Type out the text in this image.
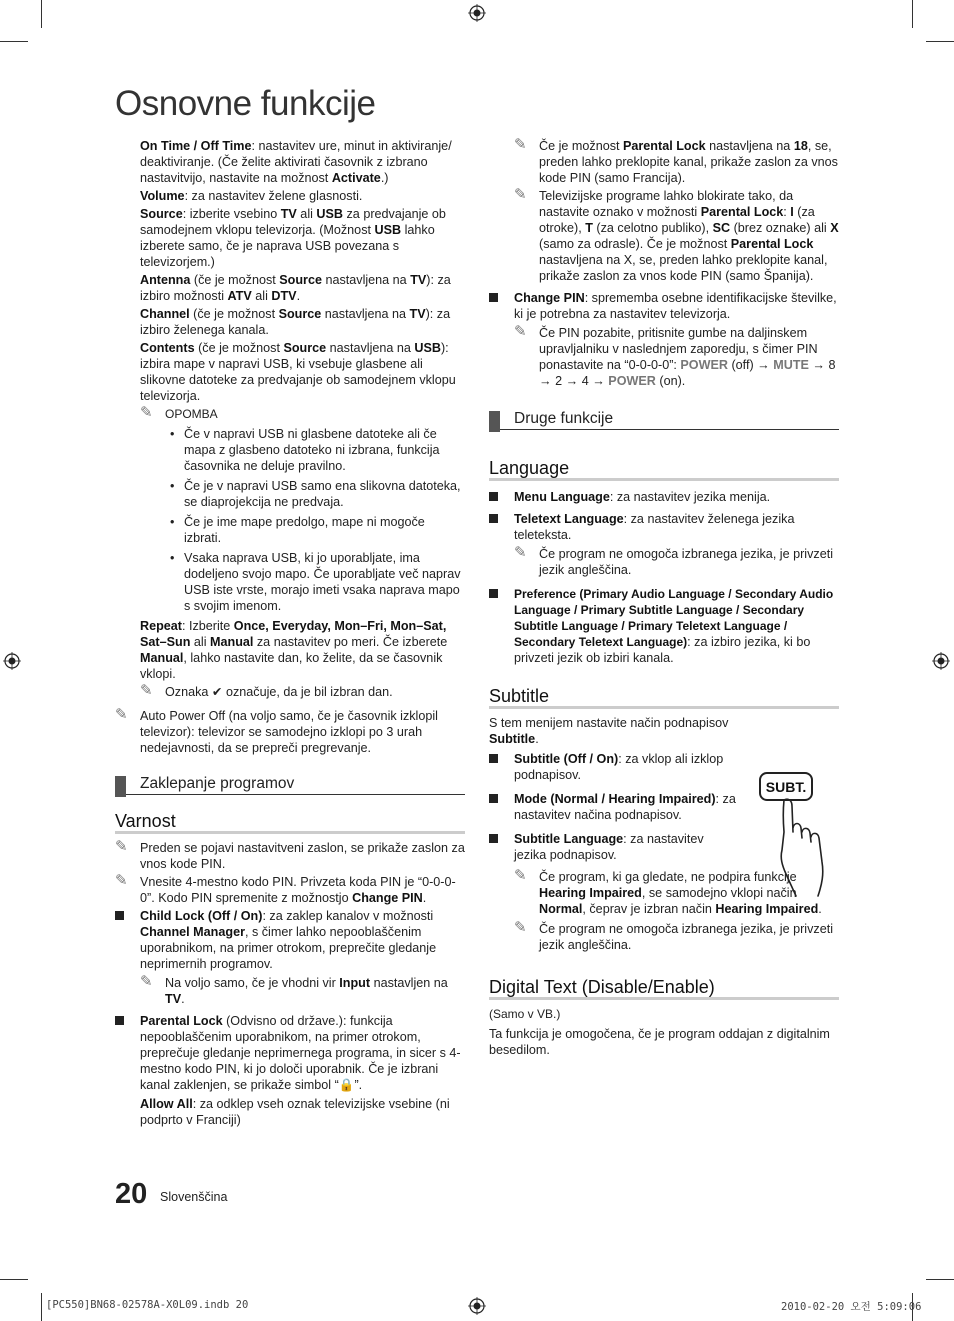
Osnovne funkcije

On Time / Off Time: nastavitev ure, minut in aktiviranje/ deaktiviranje. (Če želite aktivirati časovnik z izbrano nastavitvijo, nastavite na možnost Activate.)

Volume: za nastavitev želene glasnosti.

Source: izberite vsebino TV ali USB za predvajanje ob samodejnem vklopu televizorja. (Možnost USB lahko izberete samo, če je naprava USB povezana s televizorjem.)

Antenna (če je možnost Source nastavljena na TV): za izbiro možnosti ATV ali DTV.

Channel (če je možnost Source nastavljena na TV): za izbiro želenega kanala.

Contents (če je možnost Source nastavljena na USB): izbira mape v napravi USB, ki vsebuje glasbene ali slikovne datoteke za predvajanje ob samodejnem vklopu televizorja.

✎ OPOMBA
• Če v napravi USB ni glasbene datoteke ali če mapa z glasbeno datoteko ni izbrana, funkcija časovnika ne deluje pravilno.
• Če je v napravi USB samo ena slikovna datoteka, se diaprojekcija ne predvaja.
• Če je ime mape predolgo, mape ni mogoče izbrati.
• Vsaka naprava USB, ki jo uporabljate, ima dodeljeno svojo mapo. Če uporabljate več naprav USB iste vrste, morajo imeti vsaka naprava mapo s svojim imenom.

Repeat: Izberite Once, Everyday, Mon–Fri, Mon–Sat, Sat–Sun ali Manual za nastavitev po meri. Če izberete Manual, lahko nastavite dan, ko želite, da se časovnik vklopi.

✎ Oznaka ✔ označuje, da je bil izbran dan.
✎ Auto Power Off (na voljo samo, če je časovnik izklopil televizor): televizor se samodejno izklopi po 3 urah nedejavnosti, da se prepreči pregrevanje.
Zaklepanje programov
Varnost
✎ Preden se pojavi nastavitveni zaslon, se prikaže zaslon za vnos kode PIN.
✎ Vnesite 4-mestno kodo PIN. Privzeta koda PIN je “0-0-0-0”. Kodo PIN spremenite z možnostjo Change PIN.
Child Lock (Off / On): za zaklep kanalov v možnosti Channel Manager, s čimer lahko nepooblaščenim uporabnikom, na primer otrokom, preprečite gledanje neprimernih programov.
✎ Na voljo samo, če je vhodni vir Input nastavljen na TV.
Parental Lock (Odvisno od države.): funkcija nepooblaščenim uporabnikom, na primer otrokom, preprečuje gledanje neprimernega programa, in sicer s 4-mestno kodo PIN, ki jo določi uporabnik. Če je izbrani kanal zaklenjen, se prikaže simbol “🔒”.

Allow All: za odklep vseh oznak televizijske vsebine (ni podprto v Franciji)

✎ Če je možnost Parental Lock nastavljena na 18, se, preden lahko preklopite kanal, prikaže zaslon za vnos kode PIN (samo Francija).
✎ Televizijske programe lahko blokirate tako, da nastavite oznako v možnosti Parental Lock: I (za otroke), T (za celotno publiko), SC (brez oznake) ali X (samo za odrasle). Če je možnost Parental Lock nastavljena na X, se, preden lahko preklopite kanal, prikaže zaslon za vnos kode PIN (samo Španija).
Change PIN: sprememba osebne identifikacijske številke, ki je potrebna za nastavitev televizorja.
✎ Če PIN pozabite, pritisnite gumbe na daljinskem upravljalniku v naslednjem zaporedju, s čimer PIN ponastavite na “0-0-0-0”: POWER (off) → MUTE → 8 → 2 → 4 → POWER (on).
Druge funkcije
Language
Menu Language: za nastavitev jezika menija.
Teletext Language: za nastavitev želenega jezika teleteksta.
✎ Če program ne omogoča izbranega jezika, je privzeti jezik angleščina.
Preference (Primary Audio Language / Secondary Audio Language / Primary Subtitle Language / Secondary Subtitle Language / Primary Teletext Language / Secondary Teletext Language): za izbiro jezika, ki bo privzeti jezik ob izbiri kanala.
Subtitle

S tem menijem nastavite način podnapisov Subtitle.

Subtitle (Off / On): za vklop ali izklop podnapisov.
Mode (Normal / Hearing Impaired): za nastavitev načina podnapisov.
Subtitle Language: za nastavitev jezika podnapisov.
✎ Če program, ki ga gledate, ne podpira funkcije Hearing Impaired, se samodejno vklopi način Normal, čeprav je izbran način Hearing Impaired.
✎ Če program ne omogoča izbranega jezika, je privzeti jezik angleščina.
Digital Text (Disable/Enable)

(Samo v VB.)

Ta funkcija je omogočena, če je program oddajan z digitalnim besedilom.

SUBT.
20 Slovenščina
[PC550]BN68-02578A-X0L09.indb 20	2010-02-20 오전 5:09:06
